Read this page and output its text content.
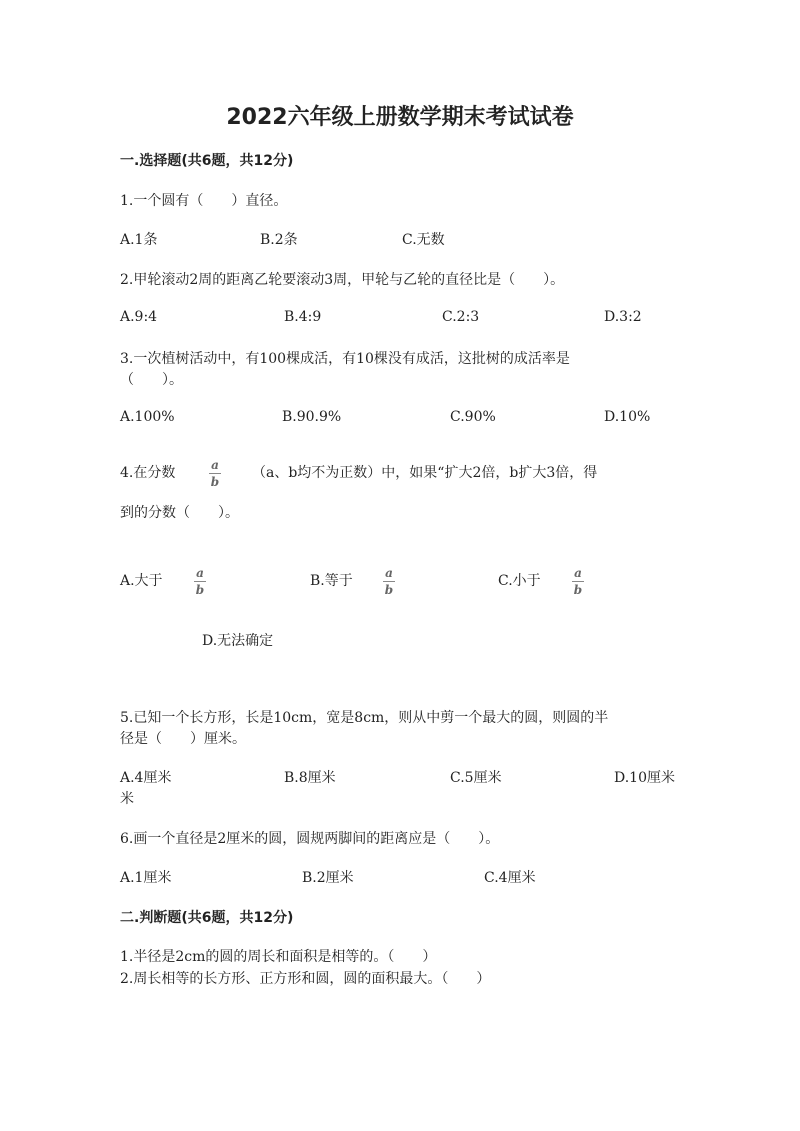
2022六年级上册数学期末考试试卷
一.选择题(共6题，共12分)
1.一个圆有（　　）直径。
A.1条	B.2条	C.无数
2.甲轮滚动2周的距离乙轮要滚动3周，甲轮与乙轮的直径比是（　　）。
A.9:4	B.4:9	C.2:3	D.3:2
3.一次植树活动中，有100棵成活，有10棵没有成活，这批树的成活率是
（　　）。
A.100%	B.90.9%	C.90%	D.10%
4.在分数	a
b
（a、b均不为正数）中，如果“扩大2倍，b扩大3倍，得
到的分数（　　）。
A.大于	a
b
B.等于	a
b
C.小于	a
b
D.无法确定
5.已知一个长方形，长是10cm，宽是8cm，则从中剪一个最大的圆，则圆的半
径是（　　）厘米。
A.4厘米	B.8厘米	C.5厘米	D.10厘米
米
6.画一个直径是2厘米的圆，圆规两脚间的距离应是（　　）。
A.1厘米	B.2厘米	C.4厘米
二.判断题(共6题，共12分)
1.半径是2cm的圆的周长和面积是相等的。（　　）
2.周长相等的长方形、正方形和圆，圆的面积最大。（　　）
